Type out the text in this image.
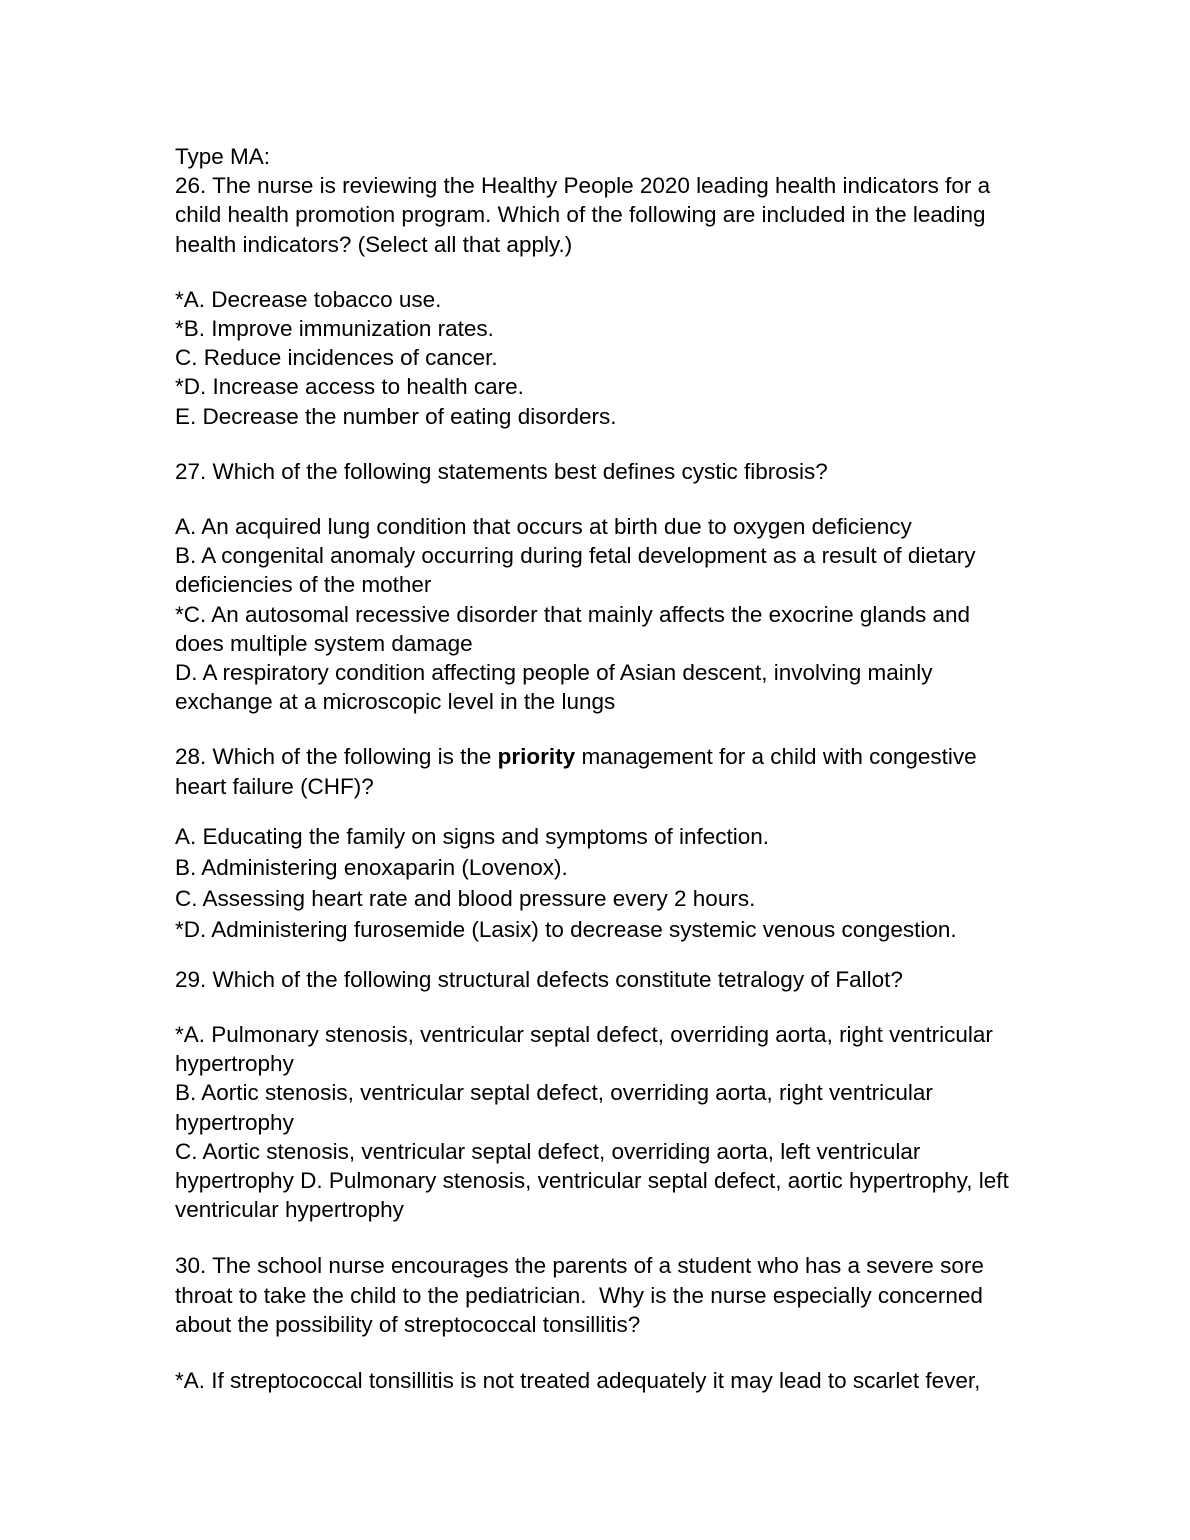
Type MA:
26. The nurse is reviewing the Healthy People 2020 leading health indicators for a child health promotion program. Which of the following are included in the leading health indicators? (Select all that apply.)
*A. Decrease tobacco use.
*B. Improve immunization rates.
C. Reduce incidences of cancer.
*D. Increase access to health care.
E. Decrease the number of eating disorders.
27. Which of the following statements best defines cystic fibrosis?
A. An acquired lung condition that occurs at birth due to oxygen deficiency
B. A congenital anomaly occurring during fetal development as a result of dietary deficiencies of the mother
*C. An autosomal recessive disorder that mainly affects the exocrine glands and does multiple system damage
D. A respiratory condition affecting people of Asian descent, involving mainly exchange at a microscopic level in the lungs
28. Which of the following is the priority management for a child with congestive heart failure (CHF)?
A. Educating the family on signs and symptoms of infection.
B. Administering enoxaparin (Lovenox).
C. Assessing heart rate and blood pressure every 2 hours.
*D. Administering furosemide (Lasix) to decrease systemic venous congestion.
29. Which of the following structural defects constitute tetralogy of Fallot?
*A. Pulmonary stenosis, ventricular septal defect, overriding aorta, right ventricular hypertrophy
B. Aortic stenosis, ventricular septal defect, overriding aorta, right ventricular hypertrophy
C. Aortic stenosis, ventricular septal defect, overriding aorta, left ventricular hypertrophy D. Pulmonary stenosis, ventricular septal defect, aortic hypertrophy, left ventricular hypertrophy
30. The school nurse encourages the parents of a student who has a severe sore throat to take the child to the pediatrician.  Why is the nurse especially concerned about the possibility of streptococcal tonsillitis?
*A. If streptococcal tonsillitis is not treated adequately it may lead to scarlet fever,
